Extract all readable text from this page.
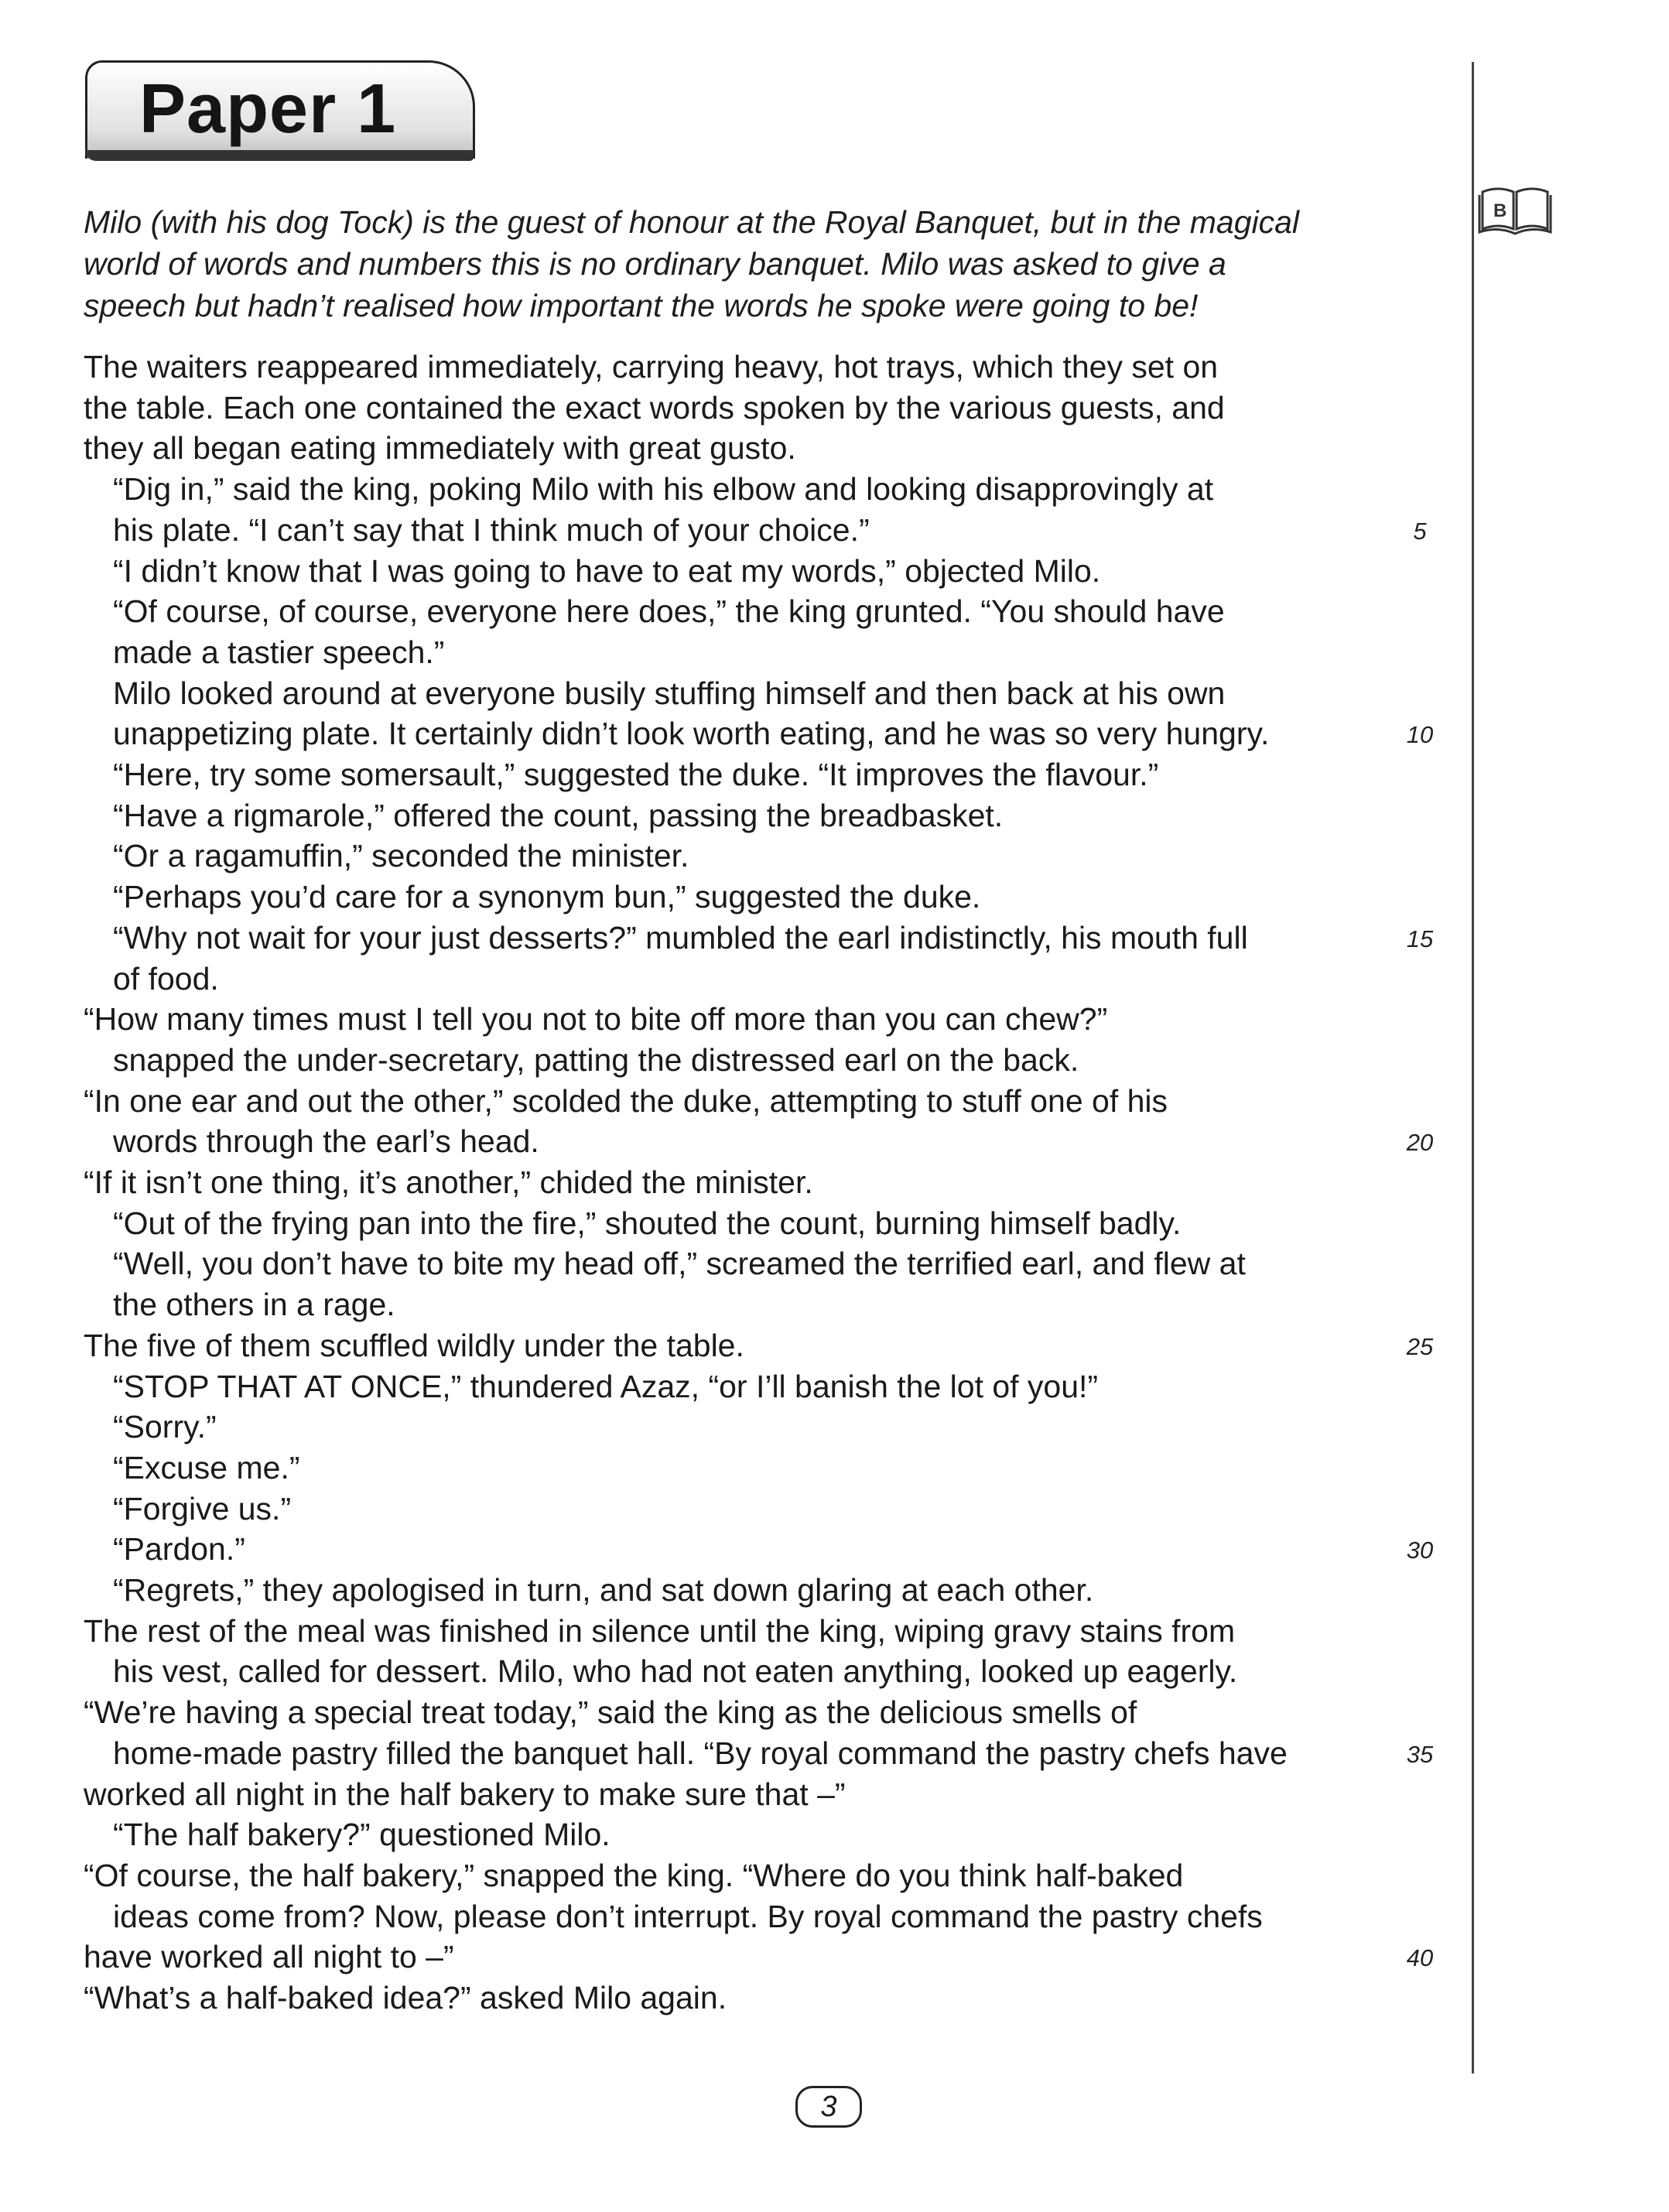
Paper 1
B
Milo (with his dog Tock) is the guest of honour at the Royal Banquet, but in the magical
world of words and numbers this is no ordinary banquet. Milo was asked to give a
speech but hadn’t realised how important the words he spoke were going to be!
The waiters reappeared immediately, carrying heavy, hot trays, which they set on
the table. Each one contained the exact words spoken by the various guests, and
they all began eating immediately with great gusto.
“Dig in,” said the king, poking Milo with his elbow and looking disapprovingly at
his plate. “I can’t say that I think much of your choice.”
“I didn’t know that I was going to have to eat my words,” objected Milo.
“Of course, of course, everyone here does,” the king grunted. “You should have
made a tastier speech.”
Milo looked around at everyone busily stuffing himself and then back at his own
unappetizing plate. It certainly didn’t look worth eating, and he was so very hungry.
“Here, try some somersault,” suggested the duke. “It improves the flavour.”
“Have a rigmarole,” offered the count, passing the breadbasket.
“Or a ragamuffin,” seconded the minister.
“Perhaps you’d care for a synonym bun,” suggested the duke.
“Why not wait for your just desserts?” mumbled the earl indistinctly, his mouth full
of food.
“How many times must I tell you not to bite off more than you can chew?”
snapped the under-secretary, patting the distressed earl on the back.
“In one ear and out the other,” scolded the duke, attempting to stuff one of his
words through the earl’s head.
“If it isn’t one thing, it’s another,” chided the minister.
“Out of the frying pan into the fire,” shouted the count, burning himself badly.
“Well, you don’t have to bite my head off,” screamed the terrified earl, and flew at
the others in a rage.
The five of them scuffled wildly under the table.
“STOP THAT AT ONCE,” thundered Azaz, “or I’ll banish the lot of you!”
“Sorry.”
“Excuse me.”
“Forgive us.”
“Pardon.”
“Regrets,” they apologised in turn, and sat down glaring at each other.
The rest of the meal was finished in silence until the king, wiping gravy stains from
his vest, called for dessert. Milo, who had not eaten anything, looked up eagerly.
“We’re having a special treat today,” said the king as the delicious smells of
home-made pastry filled the banquet hall. “By royal command the pastry chefs have
worked all night in the half bakery to make sure that –”
“The half bakery?” questioned Milo.
“Of course, the half bakery,” snapped the king. “Where do you think half-baked
ideas come from? Now, please don’t interrupt. By royal command the pastry chefs
have worked all night to –”
“What’s a half-baked idea?” asked Milo again.
5
10
15
20
25
30
35
40
3
